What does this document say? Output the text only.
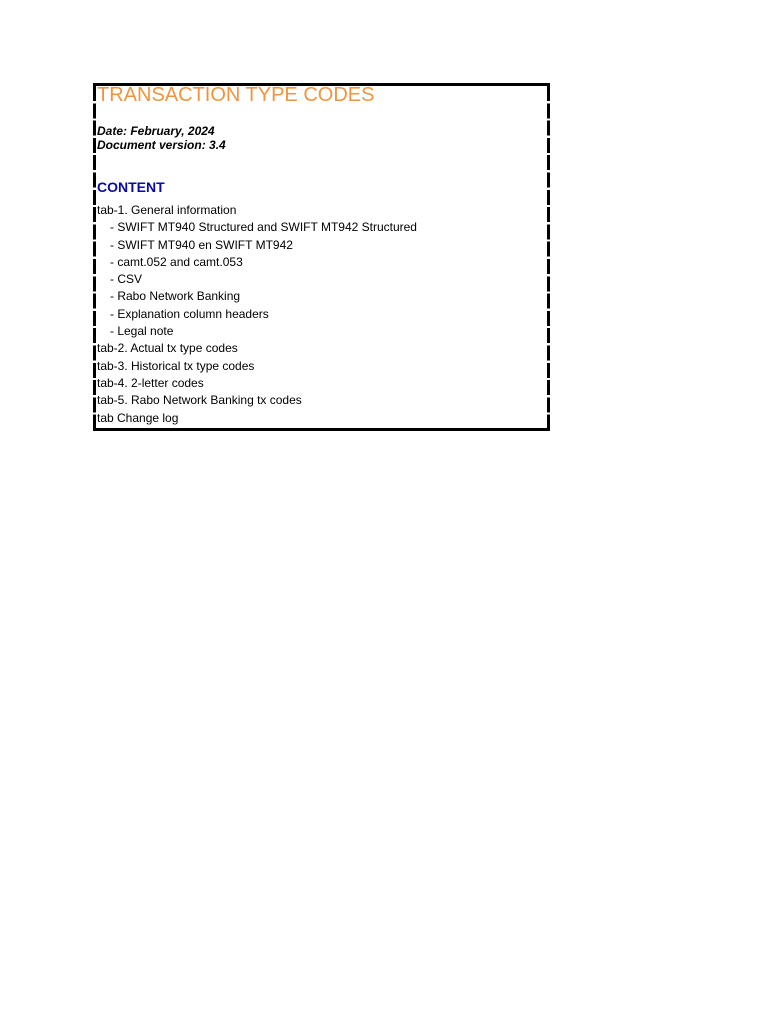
TRANSACTION TYPE CODES
Date: February, 2024
Document version: 3.4
CONTENT
tab-1. General information
- SWIFT MT940 Structured and SWIFT MT942 Structured
- SWIFT MT940 en SWIFT MT942
- camt.052 and camt.053
- CSV
- Rabo Network Banking
- Explanation column headers
- Legal note
tab-2. Actual tx type codes
tab-3. Historical tx type codes
tab-4. 2-letter codes
tab-5. Rabo Network Banking tx codes
tab Change log
